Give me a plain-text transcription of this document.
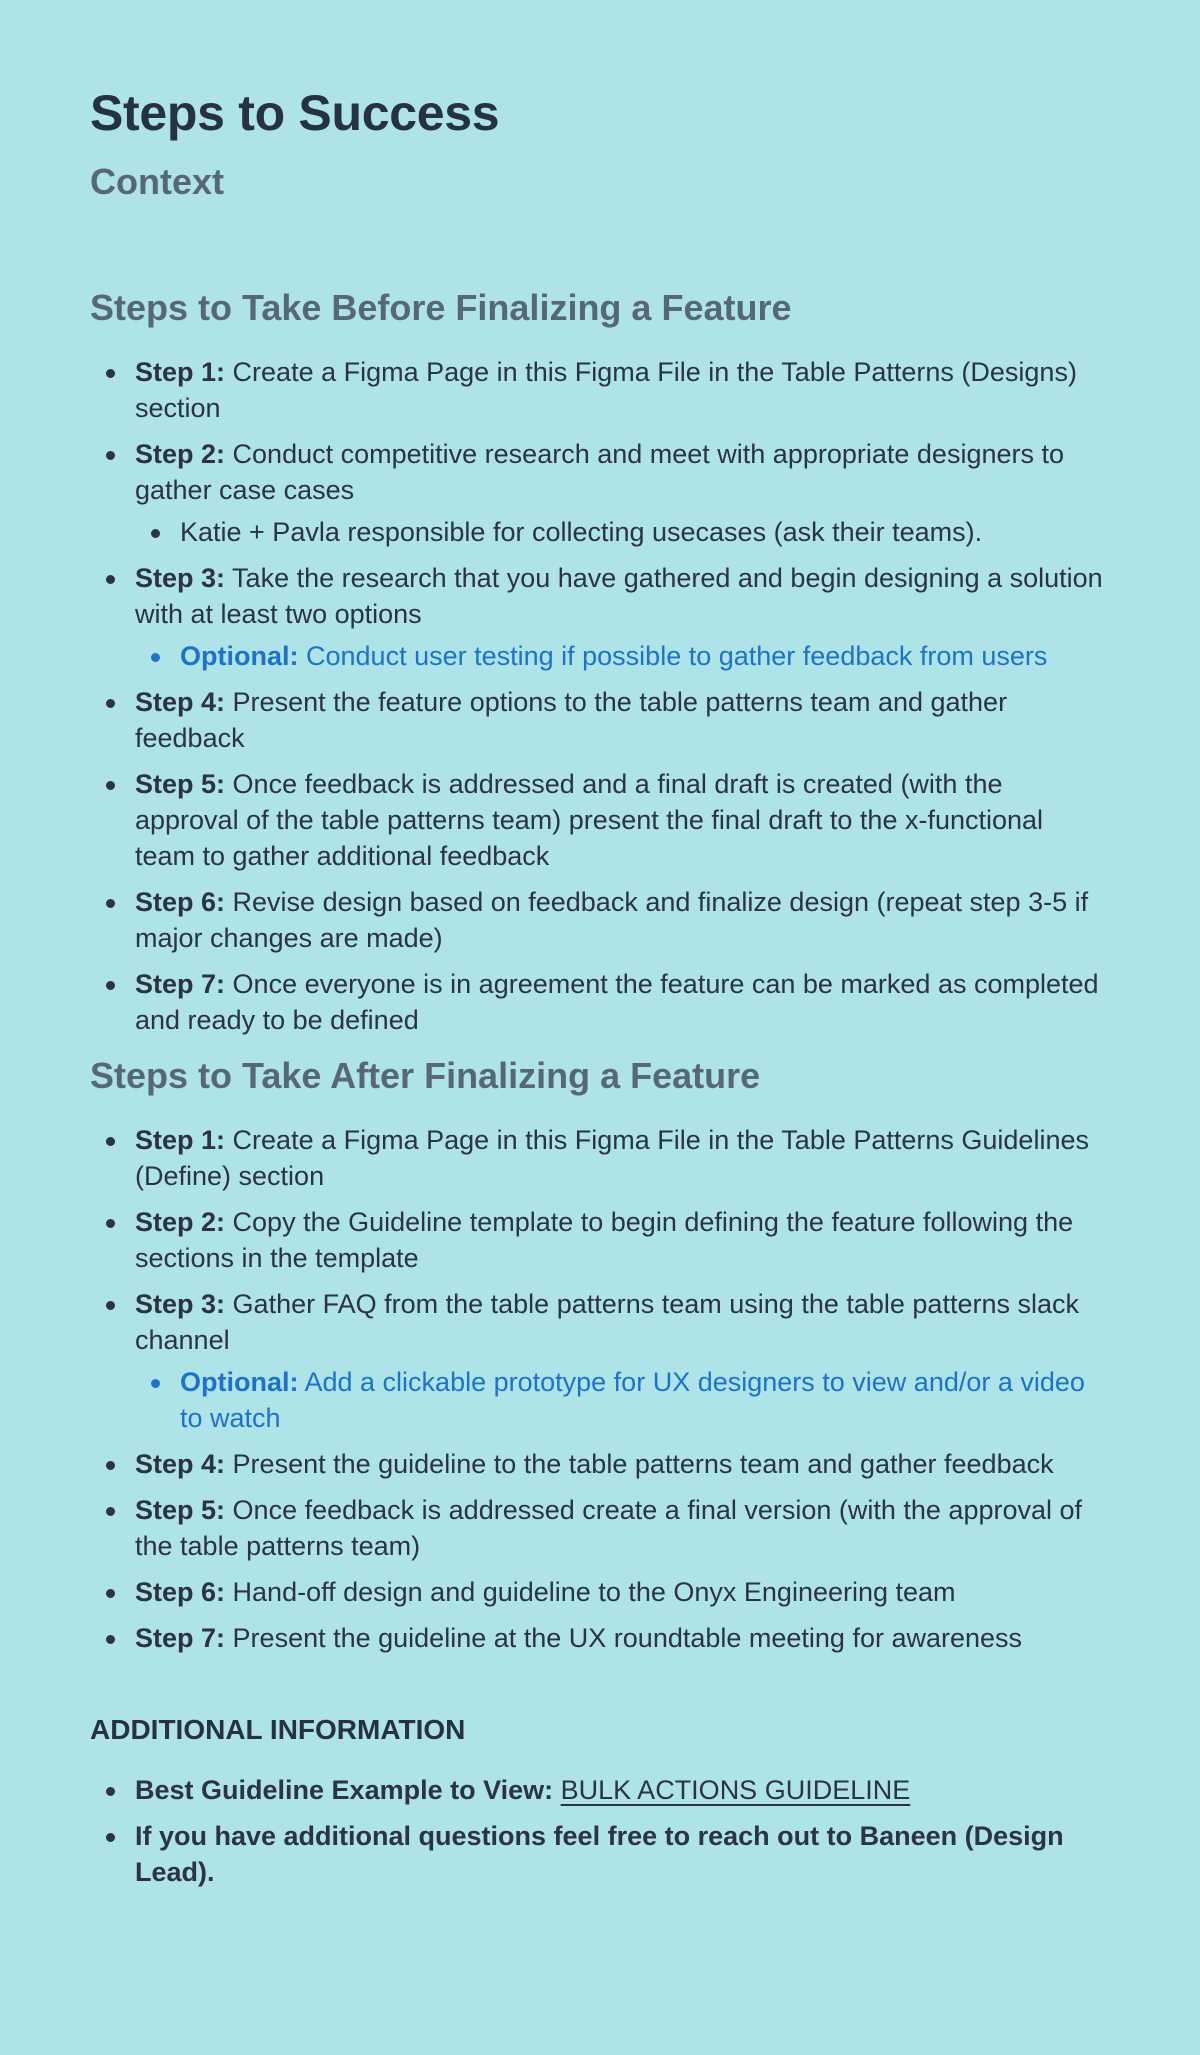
Steps to Success
Context
Steps to Take Before Finalizing a Feature
Step 1: Create a Figma Page in this Figma File in the Table Patterns (Designs) section
Step 2: Conduct competitive research and meet with appropriate designers to gather case cases
Katie + Pavla responsible for collecting usecases (ask their teams).
Step 3: Take the research that you have gathered and begin designing a solution with at least two options
Optional: Conduct user testing if possible to gather feedback from users
Step 4: Present the feature options to the table patterns team and gather feedback
Step 5: Once feedback is addressed and a final draft is created (with the approval of the table patterns team) present the final draft to the x-functional team to gather additional feedback
Step 6: Revise design based on feedback and finalize design (repeat step 3-5 if major changes are made)
Step 7: Once everyone is in agreement the feature can be marked as completed and ready to be defined
Steps to Take After Finalizing a Feature
Step 1: Create a Figma Page in this Figma File in the Table Patterns Guidelines (Define) section
Step 2: Copy the Guideline template to begin defining the feature following the sections in the template
Step 3: Gather FAQ from the table patterns team using the table patterns slack channel
Optional: Add a clickable prototype for UX designers to view and/or a video to watch
Step 4: Present the guideline to the table patterns team and gather feedback
Step 5: Once feedback is addressed create a final version (with the approval of the table patterns team)
Step 6: Hand-off design and guideline to the Onyx Engineering team
Step 7: Present the guideline at the UX roundtable meeting for awareness
ADDITIONAL INFORMATION
Best Guideline Example to View: BULK ACTIONS GUIDELINE
If you have additional questions feel free to reach out to Baneen (Design Lead).
